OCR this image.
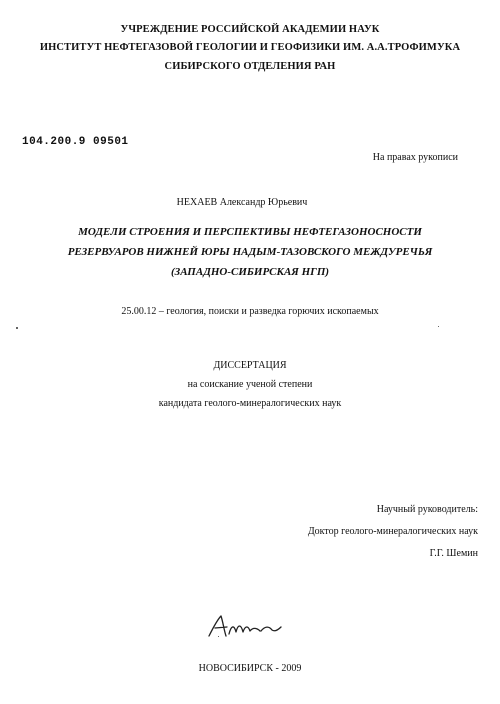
УЧРЕЖДЕНИЕ РОССИЙСКОЙ АКАДЕМИИ НАУК
ИНСТИТУТ НЕФТЕГАЗОВОЙ ГЕОЛОГИИ И ГЕОФИЗИКИ ИМ. А.А.ТРОФИМУКА
СИБИРСКОГО ОТДЕЛЕНИЯ РАН
104.200.9 09501
На правах рукописи
НЕХАЕВ Александр Юрьевич
МОДЕЛИ СТРОЕНИЯ И ПЕРСПЕКТИВЫ НЕФТЕГАЗОНОСНОСТИ
РЕЗЕРВУАРОВ НИЖНЕЙ ЮРЫ НАДЫМ-ТАЗОВСКОГО МЕЖДУРЕЧЬЯ
(ЗАПАДНО-СИБИРСКАЯ НГП)
25.00.12 – геология, поиски и разведка горючих ископаемых
ДИССЕРТАЦИЯ
на соискание ученой степени
кандидата геолого-минералогических наук
Научный руководитель:
Доктор геолого-минералогических наук
Г.Г. Шемин
НОВОСИБИРСК - 2009
